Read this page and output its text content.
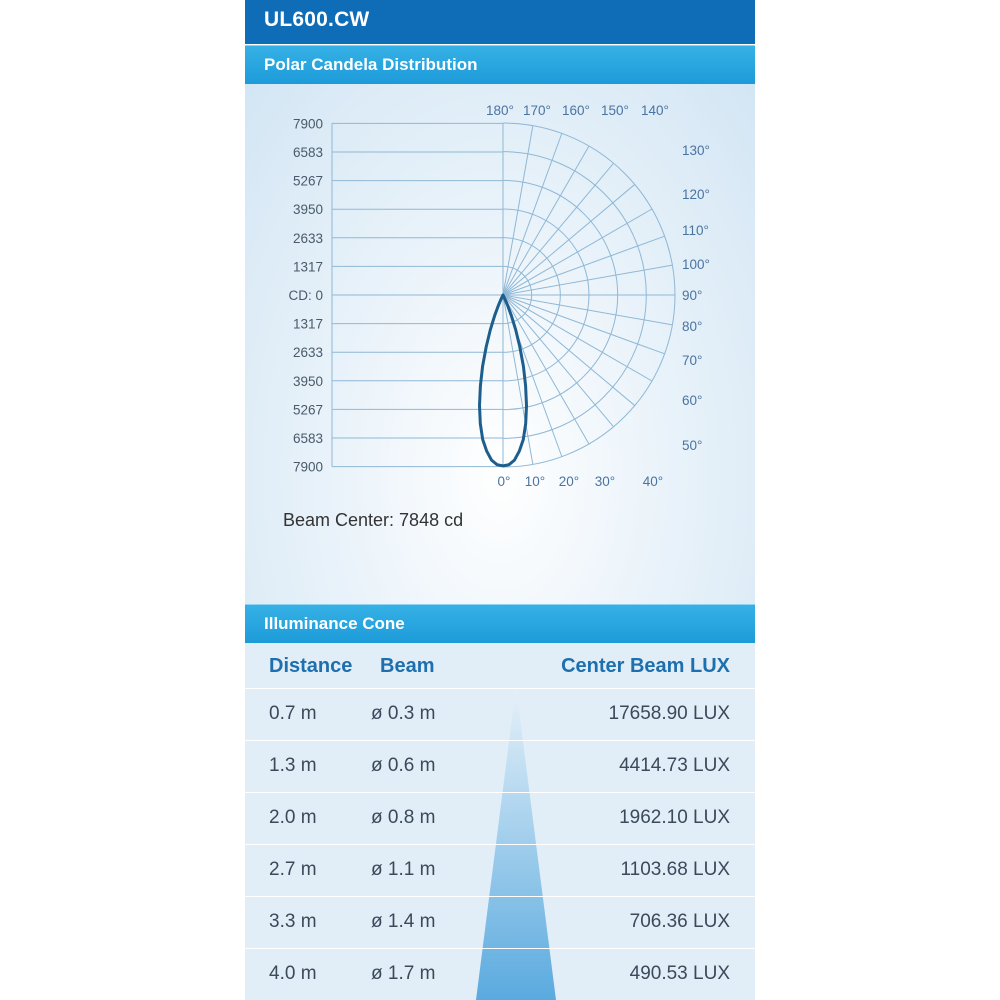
UL600.CW
Polar Candela Distribution
7900
6583
5267
3950
2633
1317
CD: 0
1317
2633
3950
5267
6583
7900
180° 170° 160° 150° 140°
130°
120°
110°
100°
90°
80°
70°
60°
50°
0° 10° 20° 30° 40°
Beam Center: 7848 cd
Illuminance Cone
Distance Beam	Center Beam LUX
0.7 m	ø 0.3 m	17658.90 LUX
1.3 m	ø 0.6 m	4414.73 LUX
2.0 m	ø 0.8 m	1962.10 LUX
2.7 m	ø 1.1 m	1103.68 LUX
3.3 m	ø 1.4 m	706.36 LUX
4.0 m	ø 1.7 m	490.53 LUX
